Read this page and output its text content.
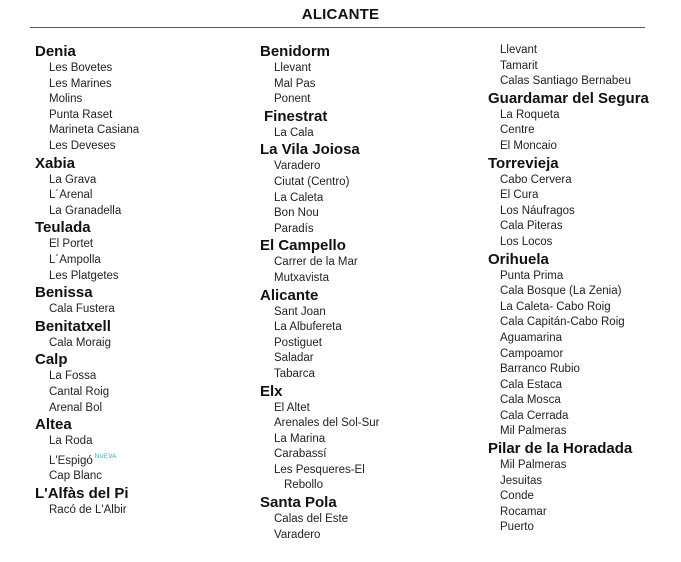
ALICANTE
Denia
Les Bovetes
Les Marines
Molins
Punta Raset
Marineta Casiana
Les Deveses
Xabia
La Grava
L´Arenal
La Granadella
Teulada
El Portet
L´Ampolla
Les Platgetes
Benissa
Cala Fustera
Benitatxell
Cala Moraig
Calp
La Fossa
Cantal Roig
Arenal Bol
Altea
La Roda
L'Espigó $^{NUEVA}$
Cap Blanc
L'Alfàs del Pi
Racó de L'Albir
Benidorm
Llevant
Mal Pas
Ponent
Finestrat
La Cala
La Vila Joiosa
Varadero
Ciutat (Centro)
La Caleta
Bon Nou
Paradís
El Campello
Carrer de la Mar
Mutxavista
Alicante
Sant Joan
La Albufereta
Postiguet
Saladar
Tabarca
Elx
El Altet
Arenales del Sol-Sur
La Marina
Carabassí
Les Pesqueres-El
Rebollo
Santa Pola
Calas del Este
Varadero
Llevant
Tamarit
Calas Santiago Bernabeu
Guardamar del Segura
La Roqueta
Centre
El Moncaio
Torrevieja
Cabo Cervera
El Cura
Los Náufragos
Cala Piteras
Los Locos
Orihuela
Punta Prima
Cala Bosque (La Zenia)
La Caleta- Cabo Roig
Cala Capitán-Cabo Roig
Aguamarina
Campoamor
Barranco Rubio
Cala Estaca
Cala Mosca
Cala Cerrada
Mil Palmeras
Pilar de la Horadada
Mil Palmeras
Jesuitas
Conde
Rocamar
Puerto
